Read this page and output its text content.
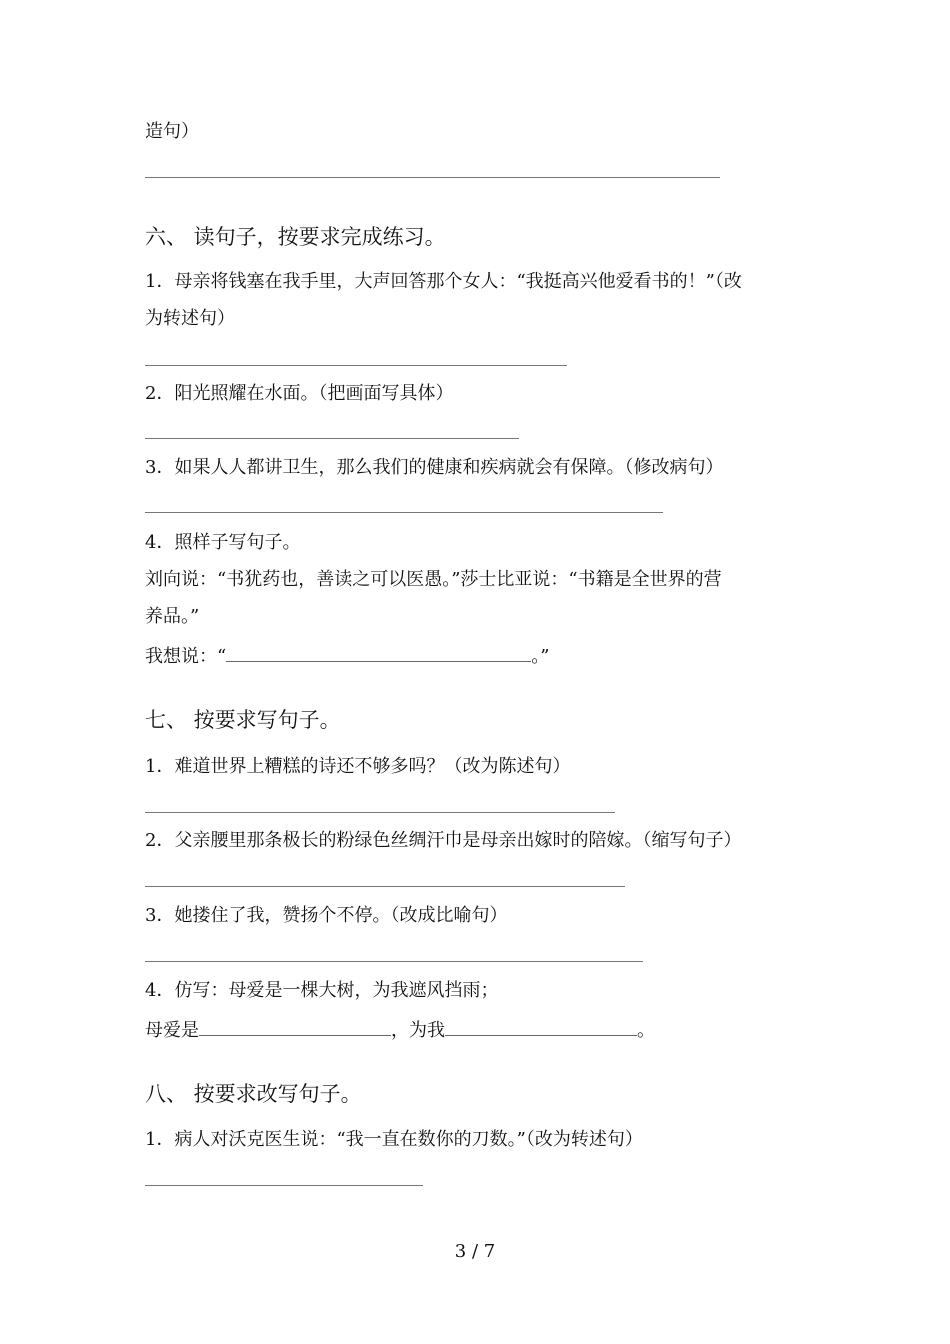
造句）
六、 读句子，按要求完成练习。
1．母亲将钱塞在我手里，大声回答那个女人：“我挺高兴他爱看书的！”（改
为转述句）
2．阳光照耀在水面。（把画面写具体）
3．如果人人都讲卫生，那么我们的健康和疾病就会有保障。（修改病句）
4．照样子写句子。
刘向说：“书犹药也，善读之可以医愚。”莎士比亚说：“书籍是全世界的营
养品。”
我想说：“	。”
七、 按要求写句子。
1．难道世界上糟糕的诗还不够多吗？（改为陈述句）
2．父亲腰里那条极长的粉绿色丝绸汗巾是母亲出嫁时的陪嫁。（缩写句子）
3．她搂住了我，赞扬个不停。（改成比喻句）
4．仿写：母爱是一棵大树，为我遮风挡雨；
母爱是	，为我	。
八、 按要求改写句子。
1．病人对沃克医生说：“我一直在数你的刀数。”（改为转述句）
3 / 7
